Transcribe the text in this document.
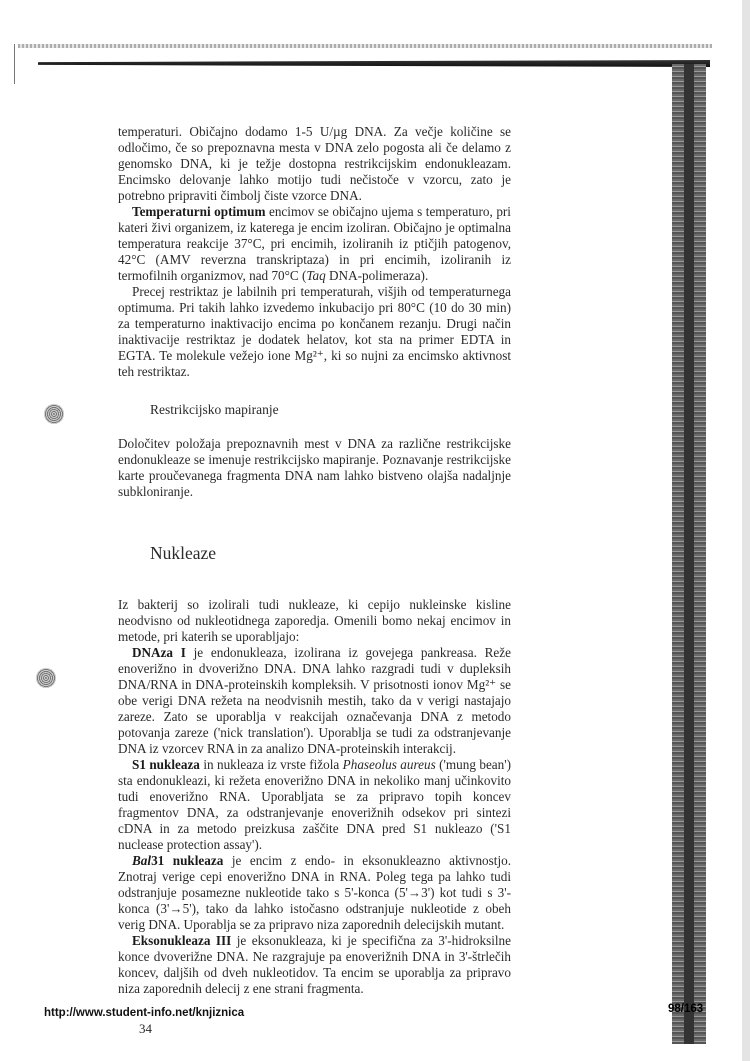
temperaturi. Običajno dodamo 1-5 U/µg DNA. Za večje količine se odločimo, če so prepoznavna mesta v DNA zelo pogosta ali če delamo z genomsko DNA, ki je težje dostopna restrikcijskim endonukleazam. Encimsko delovanje lahko motijo tudi nečistoče v vzorcu, zato je potrebno pripraviti čimbolj čiste vzorce DNA.

Temperaturni optimum encimov se običajno ujema s temperaturo, pri kateri živi organizem, iz katerega je encim izoliran. Običajno je optimalna temperatura reakcije 37°C, pri encimih, izoliranih iz ptičjih patogenov, 42°C (AMV reverzna transkriptaza) in pri encimih, izoliranih iz termofilnih organizmov, nad 70°C (Taq DNA-polimeraza).

Precej restriktaz je labilnih pri temperaturah, višjih od temperaturnega optimuma. Pri takih lahko izvedemo inkubacijo pri 80°C (10 do 30 min) za temperaturno inaktivacijo encima po končanem rezanju. Drugi način inaktivacije restriktaz je dodatek helatov, kot sta na primer EDTA in EGTA. Te molekule vežejo ione Mg²⁺, ki so nujni za encimsko aktivnost teh restriktaz.

Restrikcijsko mapiranje

Določitev položaja prepoznavnih mest v DNA za različne restrikcijske endonukleaze se imenuje restrikcijsko mapiranje. Poznavanje restrikcijske karte proučevanega fragmenta DNA nam lahko bistveno olajša nadaljnje subkloniranje.

Nukleaze

Iz bakterij so izolirali tudi nukleaze, ki cepijo nukleinske kisline neodvisno od nukleotidnega zaporedja. Omenili bomo nekaj encimov in metode, pri katerih se uporabljajo:

DNAza I je endonukleaza, izolirana iz govejega pankreasa. Reže enoverižno in dvoverižno DNA. DNA lahko razgradi tudi v dupleksih DNA/RNA in DNA-proteinskih kompleksih. V prisotnosti ionov Mg²⁺ se obe verigi DNA režeta na neodvisnih mestih, tako da v verigi nastajajo zareze. Zato se uporablja v reakcijah označevanja DNA z metodo potovanja zareze ('nick translation'). Uporablja se tudi za odstranjevanje DNA iz vzorcev RNA in za analizo DNA-proteinskih interakcij.

S1 nukleaza in nukleaza iz vrste fižola Phaseolus aureus ('mung bean') sta endonukleazi, ki režeta enoverižno DNA in nekoliko manj učinkovito tudi enoverižno RNA. Uporabljata se za pripravo topih koncev fragmentov DNA, za odstranjevanje enoverižnih odsekov pri sintezi cDNA in za metodo preizkusa zaščite DNA pred S1 nukleazo ('S1 nuclease protection assay').

Bal31 nukleaza je encim z endo- in eksonukleazno aktivnostjo. Znotraj verige cepi enoverižno DNA in RNA. Poleg tega pa lahko tudi odstranjuje posamezne nukleotide tako s 5'-konca (5'→3') kot tudi s 3'-konca (3'→5'), tako da lahko istočasno odstranjuje nukleotide z obeh verig DNA. Uporablja se za pripravo niza zaporednih delecijskih mutant.

Eksonukleaza III je eksonukleaza, ki je specifična za 3'-hidroksilne konce dvoverižne DNA. Ne razgrajuje pa enoverižnih DNA in 3'-štrlečih koncev, daljših od dveh nukleotidov. Ta encim se uporablja za pripravo niza zaporednih delecij z ene strani fragmenta.

http://www.student-info.net/knjiznica
34
98/163
